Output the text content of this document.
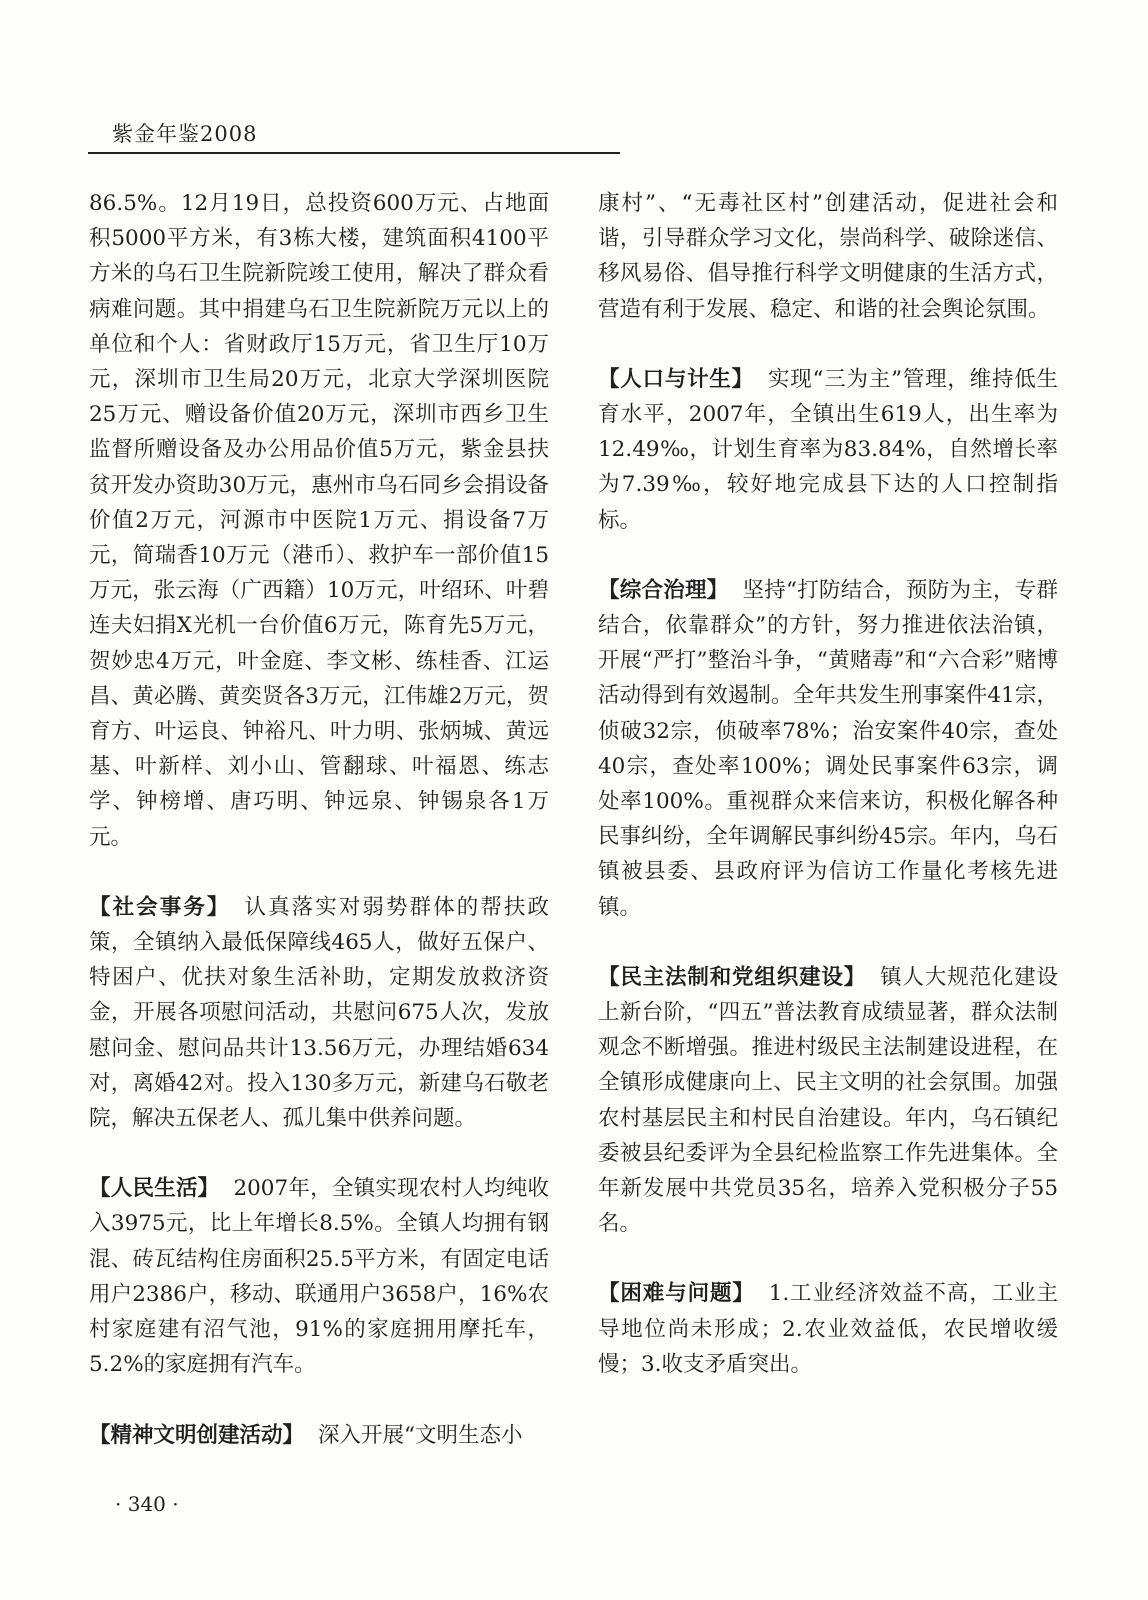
紫金年鉴2008

86.5%。12月19日，总投资600万元、占地面积5000平方米，有3栋大楼，建筑面积4100平方米的乌石卫生院新院竣工使用，解决了群众看病难问题。其中捐建乌石卫生院新院万元以上的单位和个人：省财政厅15万元，省卫生厅10万元，深圳市卫生局20万元，北京大学深圳医院25万元、赠设备价值20万元，深圳市西乡卫生监督所赠设备及办公用品价值5万元，紫金县扶贫开发办资助30万元，惠州市乌石同乡会捐设备价值2万元，河源市中医院1万元、捐设备7万元，简瑞香10万元（港币）、救护车一部价值15万元，张云海（广西籍）10万元，叶绍环、叶碧连夫妇捐X光机一台价值6万元，陈育先5万元，贺妙忠4万元，叶金庭、李文彬、练桂香、江运昌、黄必腾、黄奕贤各3万元，江伟雄2万元，贺育方、叶运良、钟裕凡、叶力明、张炳城、黄远基、叶新样、刘小山、管翻球、叶福恩、练志学、钟榜增、唐巧明、钟远泉、钟锡泉各1万元。

【社会事务】 认真落实对弱势群体的帮扶政策，全镇纳入最低保障线465人，做好五保户、特困户、优扶对象生活补助，定期发放救济资金，开展各项慰问活动，共慰问675人次，发放慰问金、慰问品共计13.56万元，办理结婚634对，离婚42对。投入130多万元，新建乌石敬老院，解决五保老人、孤儿集中供养问题。

【人民生活】 2007年，全镇实现农村人均纯收入3975元，比上年增长8.5%。全镇人均拥有钢混、砖瓦结构住房面积25.5平方米，有固定电话用户2386户，移动、联通用户3658户，16%农村家庭建有沼气池，91%的家庭拥用摩托车，5.2%的家庭拥有汽车。

【精神文明创建活动】 深入开展“文明生态小

康村”、“无毒社区村”创建活动，促进社会和谐，引导群众学习文化，崇尚科学、破除迷信、移风易俗、倡导推行科学文明健康的生活方式，营造有利于发展、稳定、和谐的社会舆论氛围。

【人口与计生】 实现“三为主”管理，维持低生育水平，2007年，全镇出生619人，出生率为12.49‰，计划生育率为83.84%，自然增长率为7.39‰，较好地完成县下达的人口控制指标。

【综合治理】 坚持“打防结合，预防为主，专群结合，依靠群众”的方针，努力推进依法治镇，开展“严打”整治斗争，“黄赌毒”和“六合彩”赌博活动得到有效遏制。全年共发生刑事案件41宗，侦破32宗，侦破率78%；治安案件40宗，查处40宗，查处率100%；调处民事案件63宗，调处率100%。重视群众来信来访，积极化解各种民事纠纷，全年调解民事纠纷45宗。年内，乌石镇被县委、县政府评为信访工作量化考核先进镇。

【民主法制和党组织建设】 镇人大规范化建设上新台阶，“四五”普法教育成绩显著，群众法制观念不断增强。推进村级民主法制建设进程，在全镇形成健康向上、民主文明的社会氛围。加强农村基层民主和村民自治建设。年内，乌石镇纪委被县纪委评为全县纪检监察工作先进集体。全年新发展中共党员35名，培养入党积极分子55名。

【困难与问题】 1.工业经济效益不高，工业主导地位尚未形成；2.农业效益低，农民增收缓慢；3.收支矛盾突出。

· 340 ·
